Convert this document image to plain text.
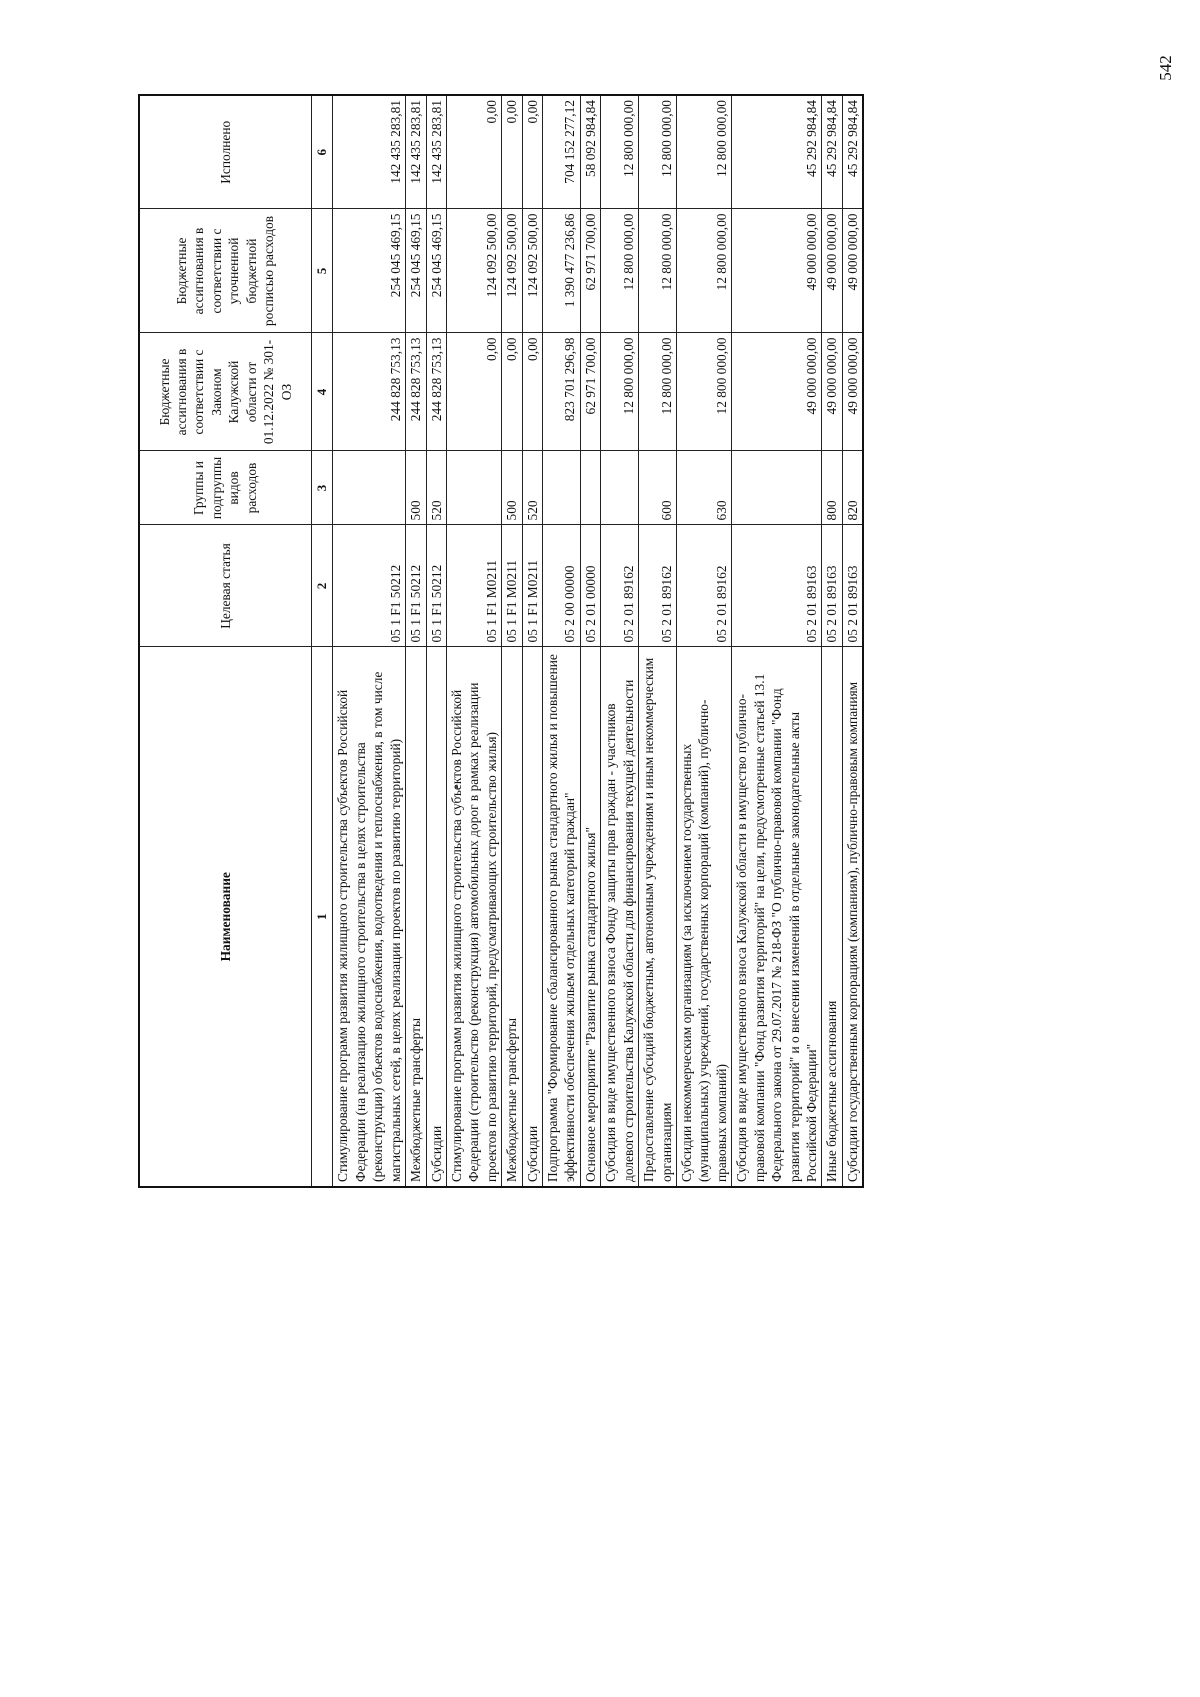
Наименование	Целевая статья	Группы и подгруппы видов расходов	Бюджетные ассигнования в соответствии с Законом Калужской области от 01.12.2022 № 301-ОЗ	Бюджетные ассигнования в соответствии с уточненной бюджетной росписью расходов	Исполнено
1	2	3	4	5	6
Стимулирование программ развития жилищного строительства субъектов Российской Федерации (на реализацию жилищного строительства в целях строительства (реконструкции) объектов водоснабжения, водоотведения и теплоснабжения, в том числе магистральных сетей, в целях реализации проектов по развитию территорий)	05 1 F1 50212		244 828 753,13	254 045 469,15	142 435 283,81
Межбюджетные трансферты	05 1 F1 50212	500	244 828 753,13	254 045 469,15	142 435 283,81
Субсидии	05 1 F1 50212	520	244 828 753,13	254 045 469,15	142 435 283,81
Стимулирование программ развития жилищного строительства субъектов Российской Федерации (строительство (реконструкция) автомобильных дорог в рамках реализации проектов по развитию территорий, предусматривающих строительство жилья)	05 1 F1 M0211		0,00	124 092 500,00	0,00
Межбюджетные трансферты	05 1 F1 M0211	500	0,00	124 092 500,00	0,00
Субсидии	05 1 F1 M0211	520	0,00	124 092 500,00	0,00
Подпрограмма "Формирование сбалансированного рынка стандартного жилья и повышение эффективности обеспечения жильем отдельных категорий граждан"	05 2 00 00000		823 701 296,98	1 390 477 236,86	704 152 277,12
Основное мероприятие "Развитие рынка стандартного жилья"	05 2 01 00000		62 971 700,00	62 971 700,00	58 092 984,84
Субсидия в виде имущественного взноса Фонду защиты прав граждан - участников долевого строительства Калужской области для финансирования текущей деятельности	05 2 01 89162		12 800 000,00	12 800 000,00	12 800 000,00
Предоставление субсидий бюджетным, автономным учреждениям и иным некоммерческим организациям	05 2 01 89162	600	12 800 000,00	12 800 000,00	12 800 000,00
Субсидии некоммерческим организациям (за исключением государственных (муниципальных) учреждений, государственных корпораций (компаний), публично-правовых компаний)	05 2 01 89162	630	12 800 000,00	12 800 000,00	12 800 000,00
Субсидия в виде имущественного взноса Калужской области в имущество публично-правовой компании "Фонд развития территорий" на цели, предусмотренные статьей 13.1 Федерального закона от 29.07.2017 № 218-ФЗ "О публично-правовой компании "Фонд развития территорий" и о внесении изменений в отдельные законодательные акты Российской Федерации"	05 2 01 89163		49 000 000,00	49 000 000,00	45 292 984,84
Иные бюджетные ассигнования	05 2 01 89163	800	49 000 000,00	49 000 000,00	45 292 984,84
Субсидии государственным корпорациям (компаниям), публично-правовым компаниям	05 2 01 89163	820	49 000 000,00	49 000 000,00	45 292 984,84
542
